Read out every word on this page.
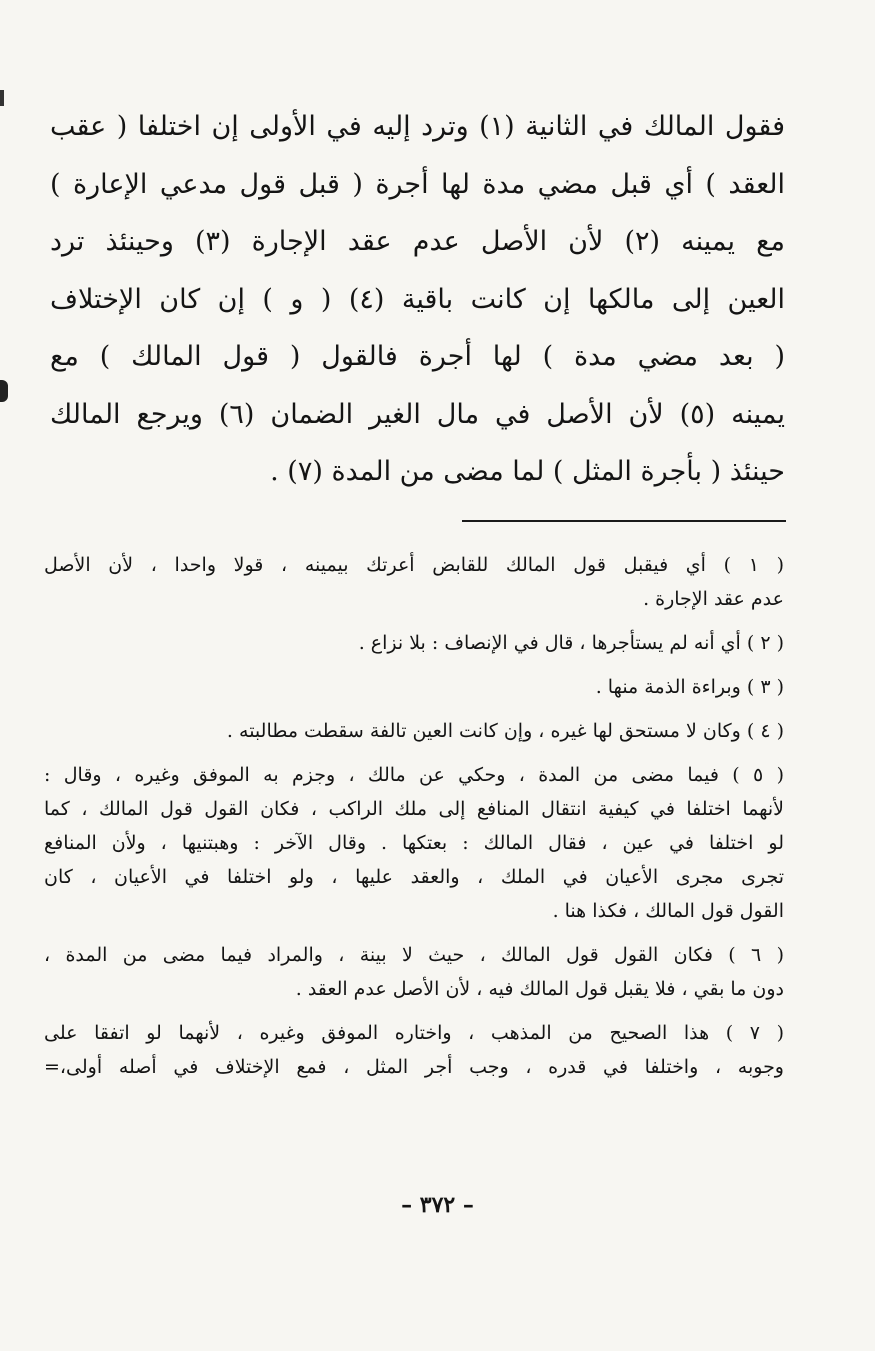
فقول المالك في الثانية (١) وترد إليه في الأولى إن اختلفا ( عقب
العقد ) أي قبل مضي مدة لها أجرة ( قبل قول مدعي الإعارة )
مع يمينه (٢) لأن الأصل عدم عقد الإجارة (٣) وحينئذ ترد
العين إلى مالكها إن كانت باقية (٤) ( و ) إن كان الإختلاف
( بعد مضي مدة ) لها أجرة فالقول ( قول المالك ) مع
يمينه (٥) لأن الأصل في مال الغير الضمان (٦) ويرجع المالك
حينئذ ( بأجرة المثل ) لما مضى من المدة (٧) .
( ١ ) أي فيقبل قول المالك للقابض أعرتك بيمينه ، قولا واحدا ، لأن الأصل
عدم عقد الإجارة .
( ٢ ) أي أنه لم يستأجرها ، قال في الإنصاف : بلا نزاع .
( ٣ ) وبراءة الذمة منها .
( ٤ ) وكان لا مستحق لها غيره ، وإن كانت العين تالفة سقطت مطالبته .
( ٥ ) فيما مضى من المدة ، وحكي عن مالك ، وجزم به الموفق وغيره ، وقال :
لأنهما اختلفا في كيفية انتقال المنافع إلى ملك الراكب ، فكان القول قول المالك ، كما
لو اختلفا في عين ، فقال المالك : بعتكها . وقال الآخر : وهبتنيها ، ولأن المنافع
تجرى مجرى الأعيان في الملك ، والعقد عليها ، ولو اختلفا في الأعيان ، كان
القول قول المالك ، فكذا هنا .
( ٦ ) فكان القول قول المالك ، حيث لا بينة ، والمراد فيما مضى من المدة ،
دون ما بقي ، فلا يقبل قول المالك فيه ، لأن الأصل عدم العقد .
( ٧ ) هذا الصحيح من المذهب ، واختاره الموفق وغيره ، لأنهما لو اتفقا على
وجوبه ، واختلفا في قدره ، وجب أجر المثل ، فمع الإختلاف في أصله أولى،=
– ٣٧٢ –
